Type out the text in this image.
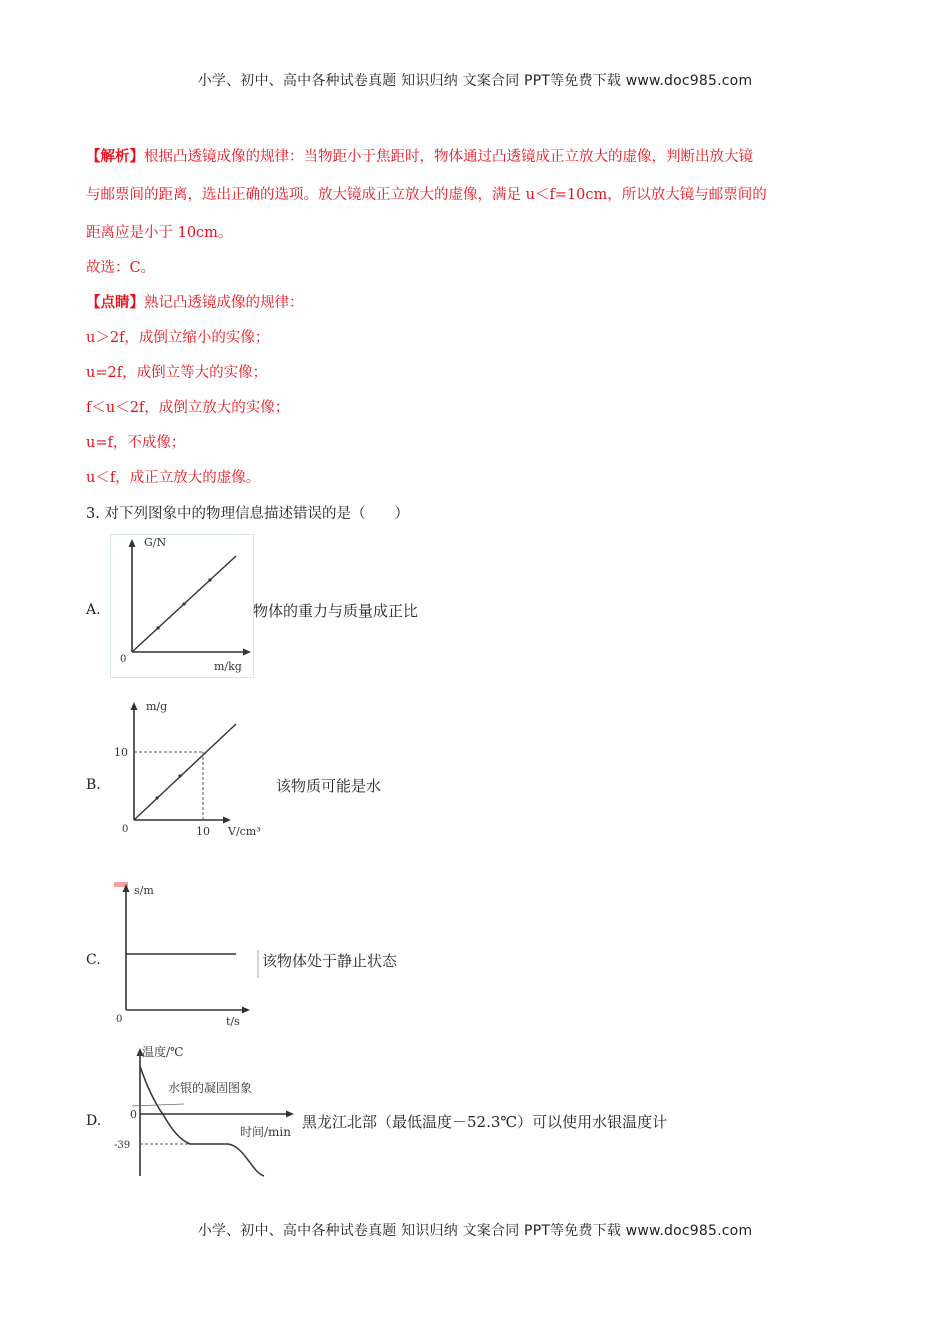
小学、初中、高中各种试卷真题 知识归纳 文案合同 PPT等免费下载 www.doc985.com
【解析】根据凸透镜成像的规律：当物距小于焦距时，物体通过凸透镜成正立放大的虚像，判断出放大镜
与邮票间的距离，选出正确的选项。放大镜成正立放大的虚像，满足 u＜f=10cm，所以放大镜与邮票间的
距离应是小于 10cm。
故选：C。
【点睛】熟记凸透镜成像的规律：
u＞2f，成倒立缩小的实像；
u=2f，成倒立等大的实像；
f＜u＜2f，成倒立放大的实像；
u=f，不成像；
u＜f，成正立放大的虚像。
3. 对下列图象中的物理信息描述错误的是（　　）
A.
G/N
m/kg
0
物体的重力与质量成正比
B.
m/g
10
10 V/cm³
0
该物质可能是水
C.
s/m
t/s
0
该物体处于静止状态
D.
温度/℃
水银的凝固图象
时间/min
0
-39
黑龙江北部（最低温度－52.3℃）可以使用水银温度计
小学、初中、高中各种试卷真题 知识归纳 文案合同 PPT等免费下载 www.doc985.com
